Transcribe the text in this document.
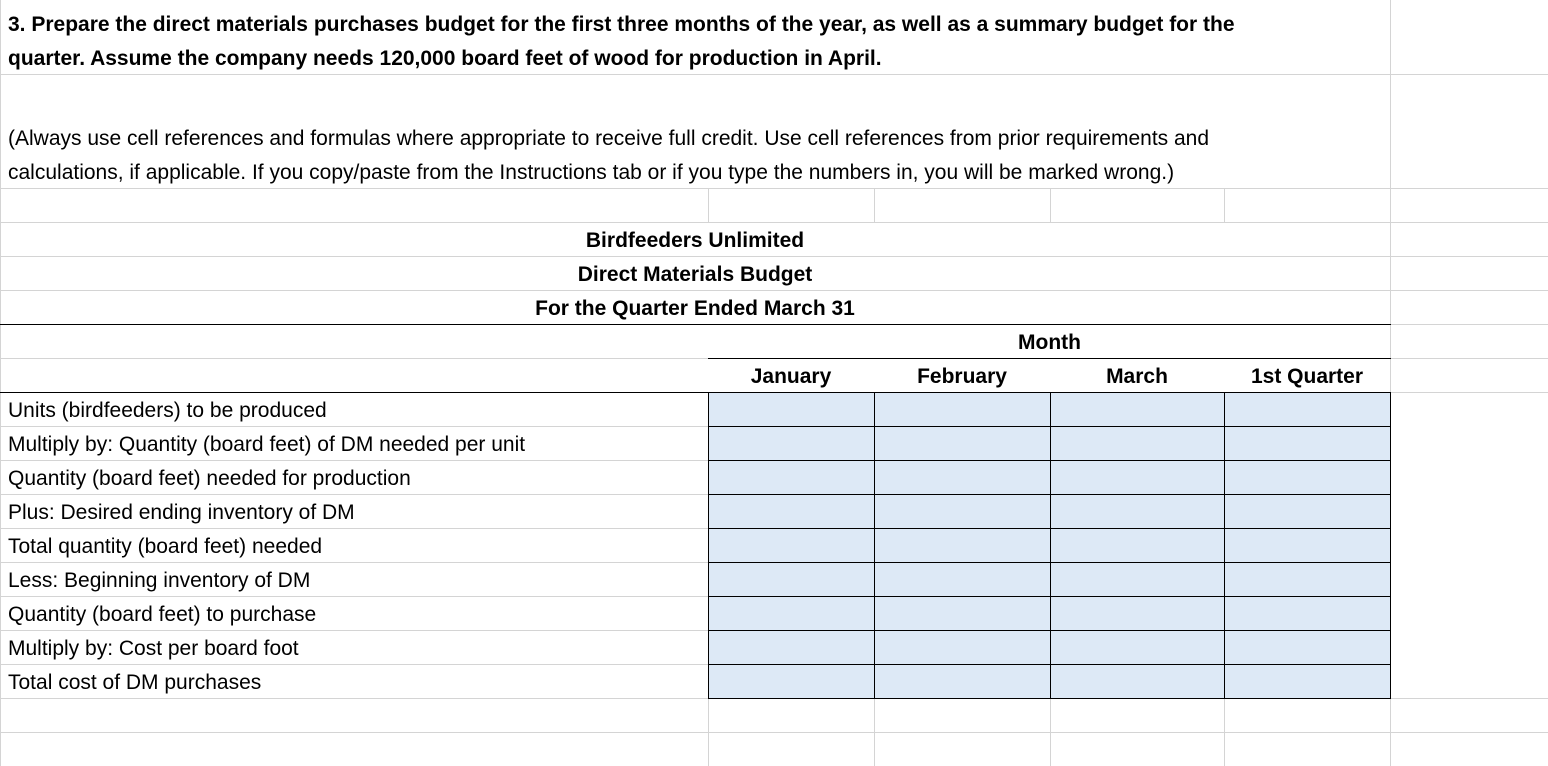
3. Prepare the direct materials purchases budget for the first three months of the year, as well as a summary budget for the
quarter. Assume the company needs 120,000 board feet of wood for production in April.
(Always use cell references and formulas where appropriate to receive full credit. Use cell references from prior requirements and
calculations, if applicable. If you copy/paste from the Instructions tab or if you type the numbers in, you will be marked wrong.)
Birdfeeders Unlimited
Direct Materials Budget
For the Quarter Ended March 31
Month
January	February	March	1st Quarter
Units (birdfeeders) to be produced
Multiply by: Quantity (board feet) of DM needed per unit
Quantity (board feet) needed for production
Plus: Desired ending inventory of DM
Total quantity (board feet) needed
Less: Beginning inventory of DM
Quantity (board feet) to purchase
Multiply by: Cost per board foot
Total cost of DM purchases
